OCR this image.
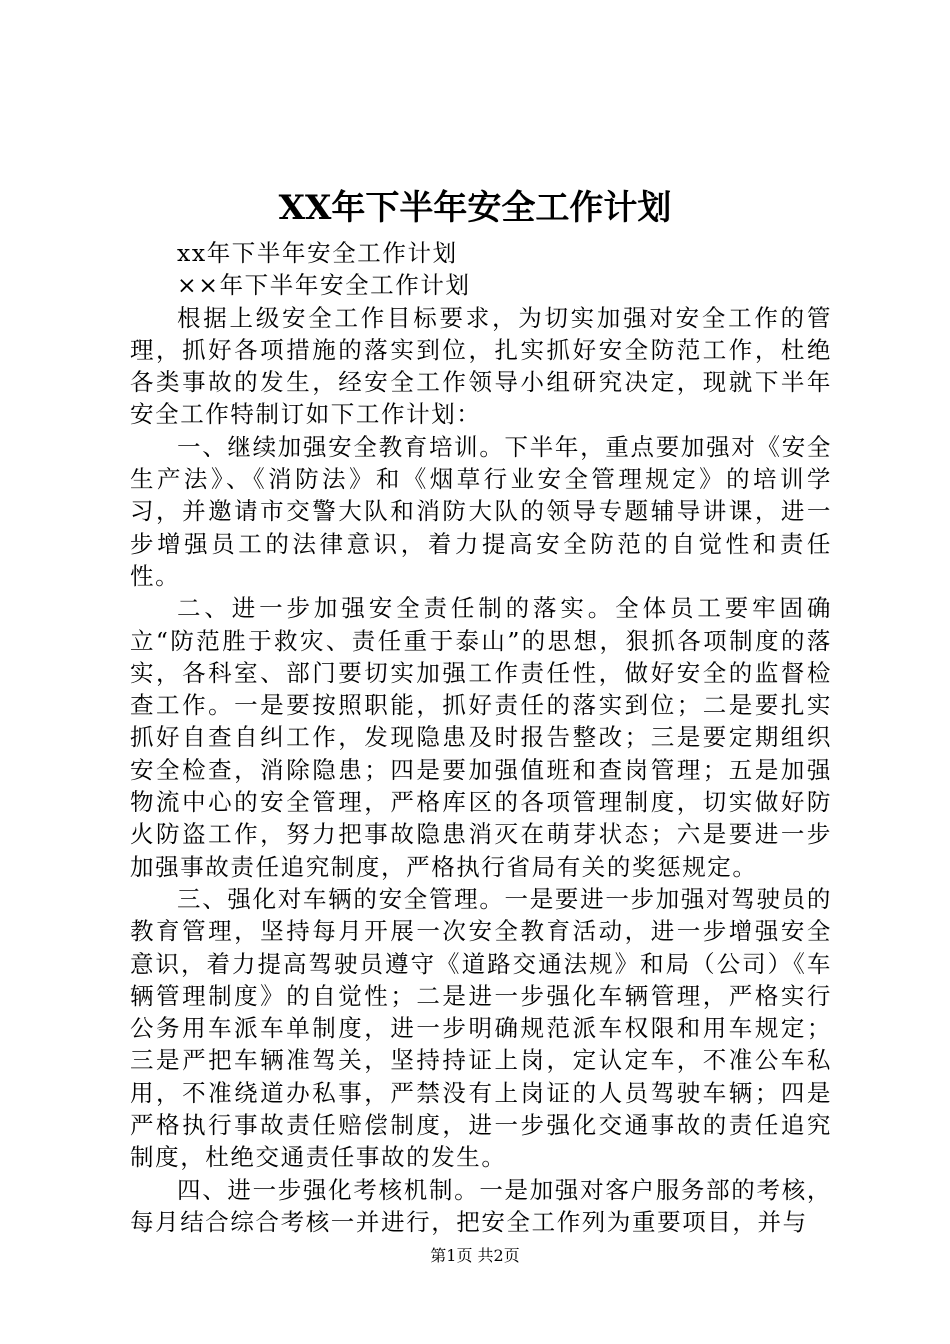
XX年下半年安全工作计划

xx年下半年安全工作计划

××年下半年安全工作计划

根据上级安全工作目标要求，为切实加强对安全工作的管理，抓好各项措施的落实到位，扎实抓好安全防范工作，杜绝各类事故的发生，经安全工作领导小组研究决定，现就下半年安全工作特制订如下工作计划：

一、继续加强安全教育培训。下半年，重点要加强对《安全生产法》、《消防法》和《烟草行业安全管理规定》的培训学习，并邀请市交警大队和消防大队的领导专题辅导讲课，进一步增强员工的法律意识，着力提高安全防范的自觉性和责任性。

二、进一步加强安全责任制的落实。全体员工要牢固确立“防范胜于救灾、责任重于泰山”的思想，狠抓各项制度的落实，各科室、部门要切实加强工作责任性，做好安全的监督检查工作。一是要按照职能，抓好责任的落实到位；二是要扎实抓好自查自纠工作，发现隐患及时报告整改；三是要定期组织安全检查，消除隐患；四是要加强值班和查岗管理；五是加强物流中心的安全管理，严格库区的各项管理制度，切实做好防火防盗工作，努力把事故隐患消灭在萌芽状态；六是要进一步加强事故责任追究制度，严格执行省局有关的奖惩规定。

三、强化对车辆的安全管理。一是要进一步加强对驾驶员的教育管理，坚持每月开展一次安全教育活动，进一步增强安全意识，着力提高驾驶员遵守《道路交通法规》和局（公司）《车辆管理制度》的自觉性；二是进一步强化车辆管理，严格实行公务用车派车单制度，进一步明确规范派车权限和用车规定；三是严把车辆准驾关，坚持持证上岗，定认定车，不准公车私用，不准绕道办私事，严禁没有上岗证的人员驾驶车辆；四是严格执行事故责任赔偿制度，进一步强化交通事故的责任追究制度，杜绝交通责任事故的发生。

四、进一步强化考核机制。一是加强对客户服务部的考核，每月结合综合考核一并进行，把安全工作列为重要项目，并与

第1页 共2页
